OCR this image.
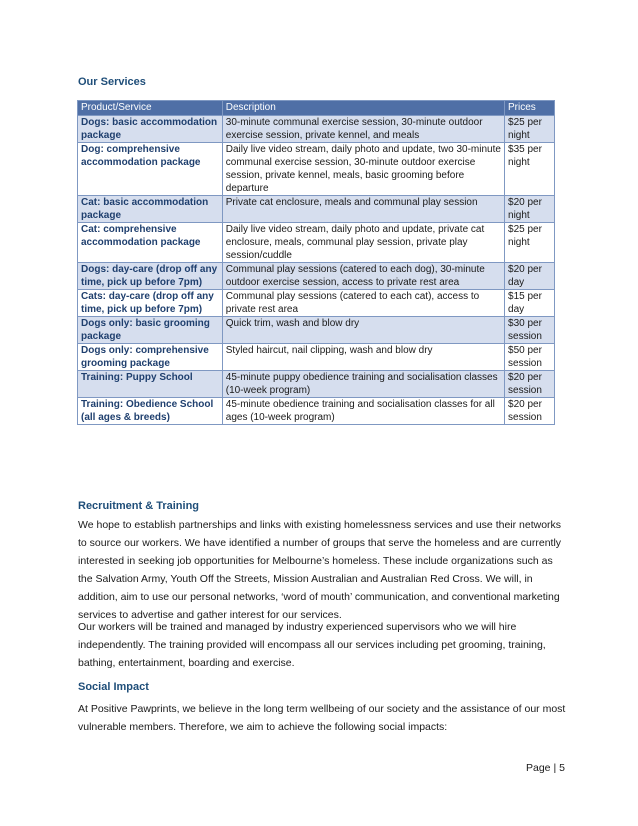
Our Services
Product/Service	Description	Prices
Dogs: basic accommodation package	30-minute communal exercise session, 30-minute outdoor exercise session, private kennel, and meals	$25 per night
Dog: comprehensive accommodation package	Daily live video stream, daily photo and update, two 30-minute communal exercise session, 30-minute outdoor exercise session, private kennel, meals, basic grooming before departure	$35 per night
Cat: basic accommodation package	Private cat enclosure, meals and communal play session	$20 per night
Cat: comprehensive accommodation package	Daily live video stream, daily photo and update, private cat enclosure, meals, communal play session, private play session/cuddle	$25 per night
Dogs: day-care (drop off any time, pick up before 7pm)	Communal play sessions (catered to each dog), 30-minute outdoor exercise session, access to private rest area	$20 per day
Cats: day-care (drop off any time, pick up before 7pm)	Communal play sessions (catered to each cat), access to private rest area	$15 per day
Dogs only: basic grooming package	Quick trim, wash and blow dry	$30 per session
Dogs only: comprehensive grooming package	Styled haircut, nail clipping, wash and blow dry	$50 per session
Training: Puppy School	45-minute puppy obedience training and socialisation classes (10-week program)	$20 per session
Training: Obedience School (all ages & breeds)	45-minute obedience training and socialisation classes for all ages (10-week program)	$20 per session
Recruitment & Training

We hope to establish partnerships and links with existing homelessness services and use their networks to source our workers. We have identified a number of groups that serve the homeless and are currently interested in seeking job opportunities for Melbourne’s homeless. These include organizations such as the Salvation Army, Youth Off the Streets, Mission Australian and Australian Red Cross. We will, in addition, aim to use our personal networks, ‘word of mouth’ communication, and conventional marketing services to advertise and gather interest for our services.

Our workers will be trained and managed by industry experienced supervisors who we will hire independently. The training provided will encompass all our services including pet grooming, training, bathing, entertainment, boarding and exercise.

Social Impact

At Positive Pawprints, we believe in the long term wellbeing of our society and the assistance of our most vulnerable members. Therefore, we aim to achieve the following social impacts:

Page | 5
